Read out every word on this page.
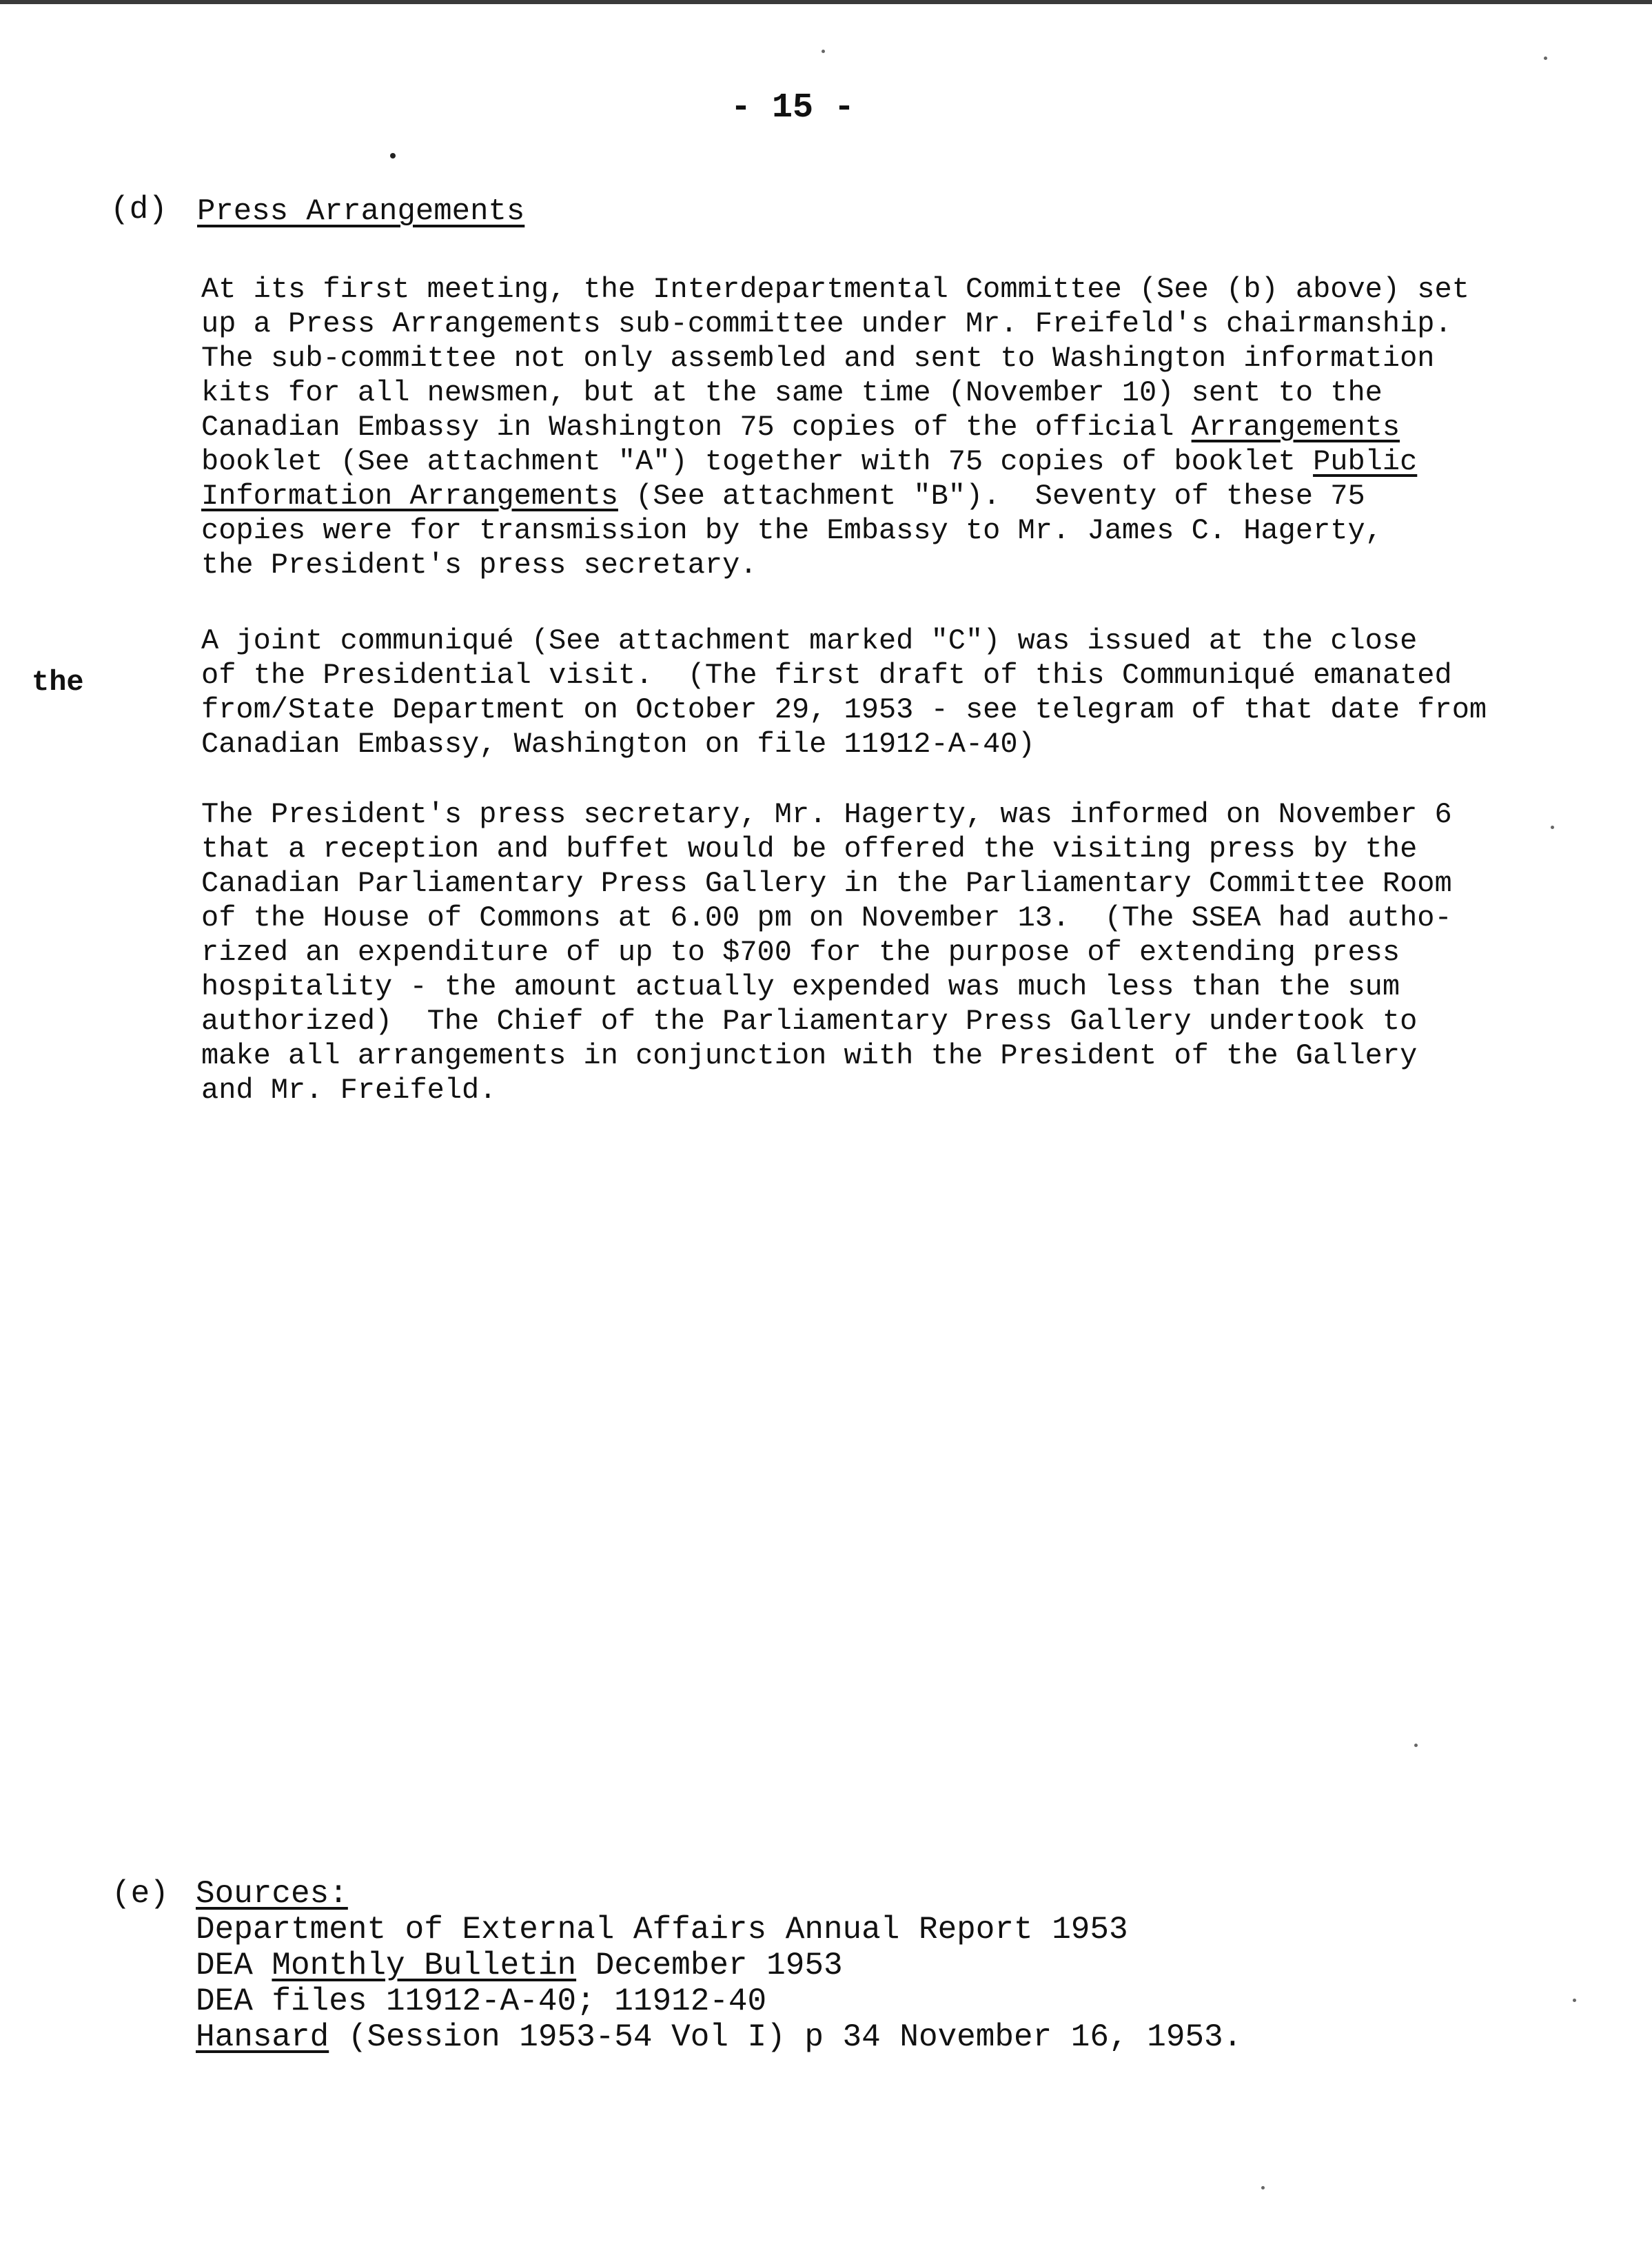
- 15 -
(d) Press Arrangements
At its first meeting, the Interdepartmental Committee (See (b) above) set
up a Press Arrangements sub-committee under Mr. Freifeld's chairmanship.
The sub-committee not only assembled and sent to Washington information
kits for all newsmen, but at the same time (November 10) sent to the
Canadian Embassy in Washington 75 copies of the official Arrangements
booklet (See attachment "A") together with 75 copies of booklet Public
Information Arrangements (See attachment "B").  Seventy of these 75
copies were for transmission by the Embassy to Mr. James C. Hagerty,
the President's press secretary.
the
A joint communiqué (See attachment marked "C") was issued at the close
of the Presidential visit.  (The first draft of this Communiqué emanated
from/State Department on October 29, 1953 - see telegram of that date from
Canadian Embassy, Washington on file 11912-A-40)
The President's press secretary, Mr. Hagerty, was informed on November 6
that a reception and buffet would be offered the visiting press by the
Canadian Parliamentary Press Gallery in the Parliamentary Committee Room
of the House of Commons at 6.00 pm on November 13.  (The SSEA had autho-
rized an expenditure of up to $700 for the purpose of extending press
hospitality - the amount actually expended was much less than the sum
authorized)  The Chief of the Parliamentary Press Gallery undertook to
make all arrangements in conjunction with the President of the Gallery
and Mr. Freifeld.
(e) Sources:
Department of External Affairs Annual Report 1953
DEA Monthly Bulletin December 1953
DEA files 11912-A-40; 11912-40
Hansard (Session 1953-54 Vol I) p 34 November 16, 1953.
